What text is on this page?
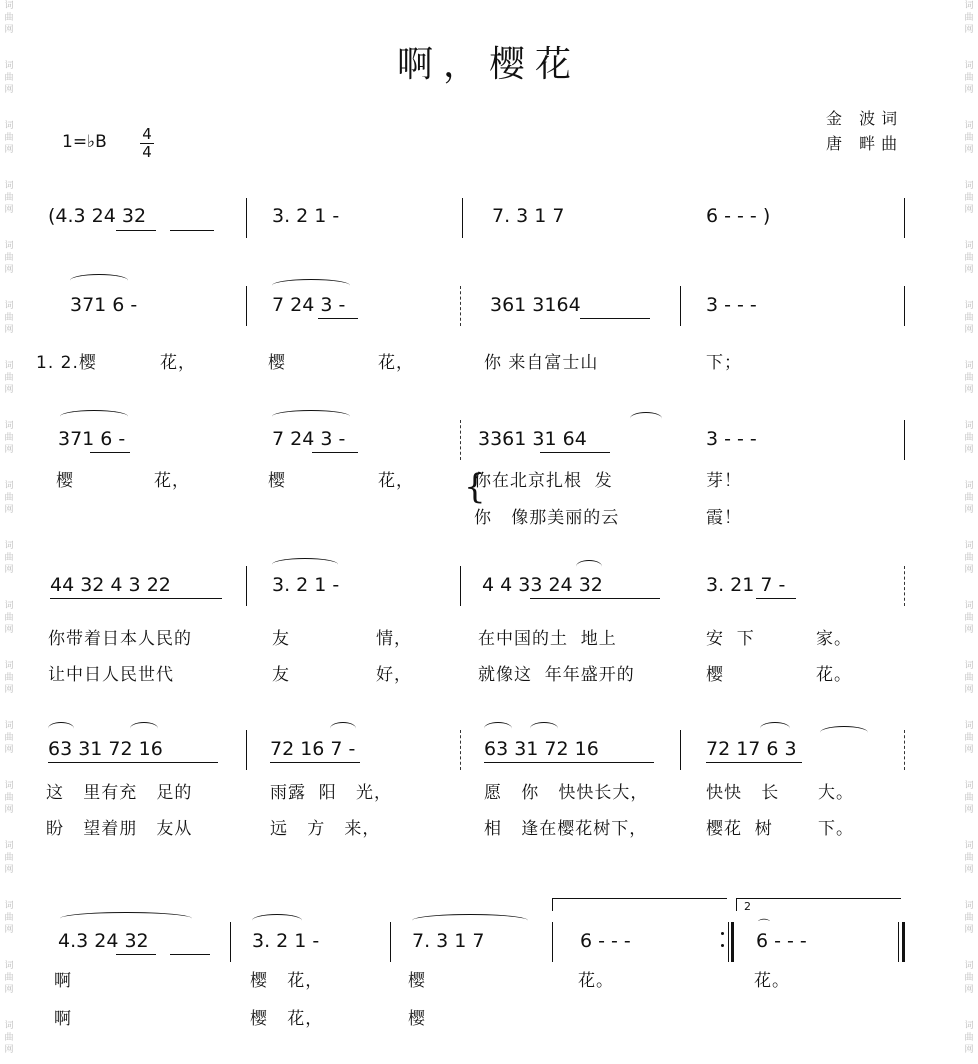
词
曲
网
词
曲
网
词
曲
网
词
曲
网
词
曲
网
词
曲
网
词
曲
网
词
曲
网
词
曲
网
词
曲
网
词
曲
网
词
曲
网
词
曲
网
词
曲
网
词
曲
网
词
曲
网
词
曲
网
词
曲
网
词
曲
网
词
曲
网
词
曲
网
词
曲
网
词
曲
网
词
曲
网
词
曲
网
词
曲
网
词
曲
网
词
曲
网
词
曲
网
词
曲
网
词
曲
网
词
曲
网
词
曲
网
词
曲
网
词
曲
网
词
曲
网
啊，樱花
金 波词
唐 畔曲
1=♭B 4
4
(4.3 24 32	3. 2 1 -	7. 3 1 7	6 - - - )
371 6 -	7 24 3 -	361 3164	3 - - -
1. 2.樱	花，	樱	花，	你 来自富士山	下；
371 6 -	7 24 3 -	3361 31 64	3 - - -
樱	花，	樱	花，	你在北京扎根  发	芽！
{
你   像那美丽的云	霞！
44 32 4 3 22	3. 2 1 -	4 4 33 24 32	3. 21 7 -
你带着日本人民的	友	情，	在中国的土  地上	安  下	家。
让中日人民世代	友	好，	就像这  年年盛开的	樱	花。
63 31 72 16	72 16 7 -	63 31 72 16	72 17 6 3
这   里有充   足的	雨露  阳   光，	愿   你   快快长大，	快快   长 大。
盼   望着朋   友从	远   方   来，	相   逢在樱花树下，	樱花  树	下。
2
4.3 24 32	3. 2 1 -	7. 3 1 7	6 - - -	6 - - -
⌒
啊	樱   花，	樱	花。	花。
啊	樱   花，	樱
